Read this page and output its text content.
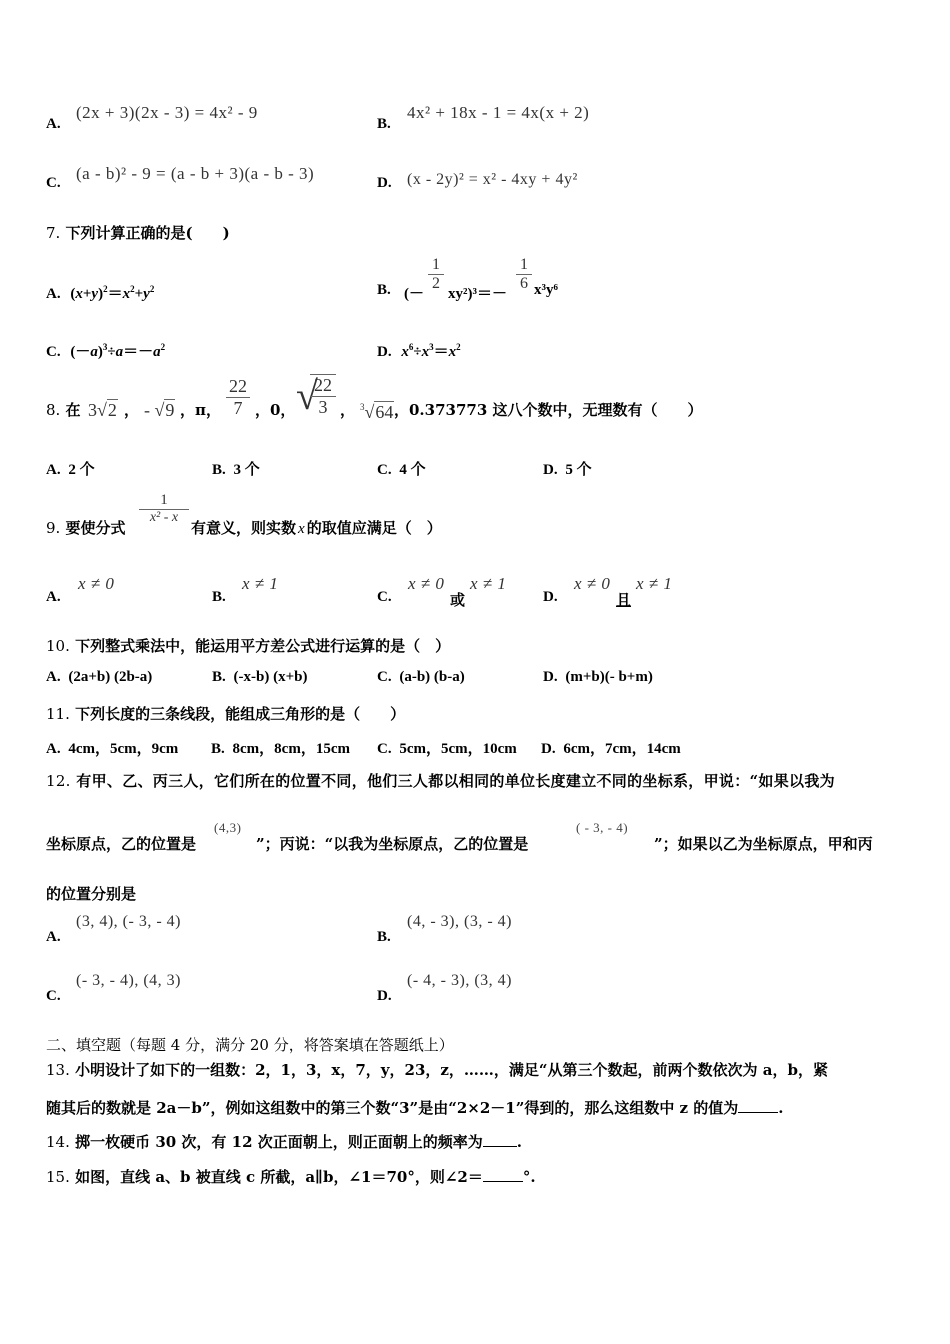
A.
(2x + 3)(2x - 3) = 4x² - 9
B.
4x² + 18x - 1 = 4x(x + 2)
C. (a - b)² - 9 = (a - b + 3)(a - b - 3)	D. (x - 2y)² = x² - 4xy + 4y²
7. 下列计算正确的是(　　)
A. $(x+y)^2=x^2+y^2$	B. (－
$\frac{1}{2}$
xy²)³＝－
$\frac{1}{6} x^3y^6$
C. $(-a)^3\div a=-a^2$	D. $x^6\div x^3=x^2$
8. 在 3√2 ， - √9 ，π， $\frac{22}{7}$ ，0， √
$\frac{22}{3}$ ， $^3$√64 ，0.373773 这八个数中，无理数有（　　）
A. 2 个	B. 3 个	C. 4 个	D. 5 个
9. 要使分式
$\frac{1}{\text{x² - x}}$
有意义，则实数 x 的取值应满足（　）
A.
x ≠ 0
B.
x ≠ 1
C.
x ≠ 0
或
x ≠ 1
D.
x ≠ 0
且
x ≠ 1
10. 下列整式乘法中，能运用平方差公式进行运算的是（　）
A. (2a+b) (2b-a)	B. (-x-b) (x+b)	C. (a-b) (b-a)	D. (m+b)(- b+m)
11. 下列长度的三条线段，能组成三角形的是（　　）
A. 4cm，5cm，9cm B. 8cm，8cm，15cm C. 5cm，5cm，10cm D. 6cm，7cm，14cm
12. 有甲、乙、丙三人，它们所在的位置不同，他们三人都以相同的单位长度建立不同的坐标系，甲说：“如果以我为
坐标原点，乙的位置是
(4,3)
”；丙说：“以我为坐标原点，乙的位置是
( - 3, - 4)
”；如果以乙为坐标原点，甲和丙
的位置分别是
A.
(3, 4), (- 3, - 4)
B.
(4, - 3), (3, - 4)
C.
(- 3, - 4), (4, 3)
D.
(- 4, - 3), (3, 4)
二、填空题（每题 4 分，满分 20 分，将答案填在答题纸上）
13. 小明设计了如下的一组数：2，1，3，x，7，y，23，z，……，满足“从第三个数起，前两个数依次为 a，b，紧
随其后的数就是 2a－b”，例如这组数中的第三个数“3”是由“2×2－1”得到的，那么这组数中 z 的值为	.
14. 掷一枚硬币 30 次，有 12 次正面朝上，则正面朝上的频率为 .
15. 如图，直线 a、b 被直线 c 所截，a∥b，∠1＝70°，则∠2＝	°.
